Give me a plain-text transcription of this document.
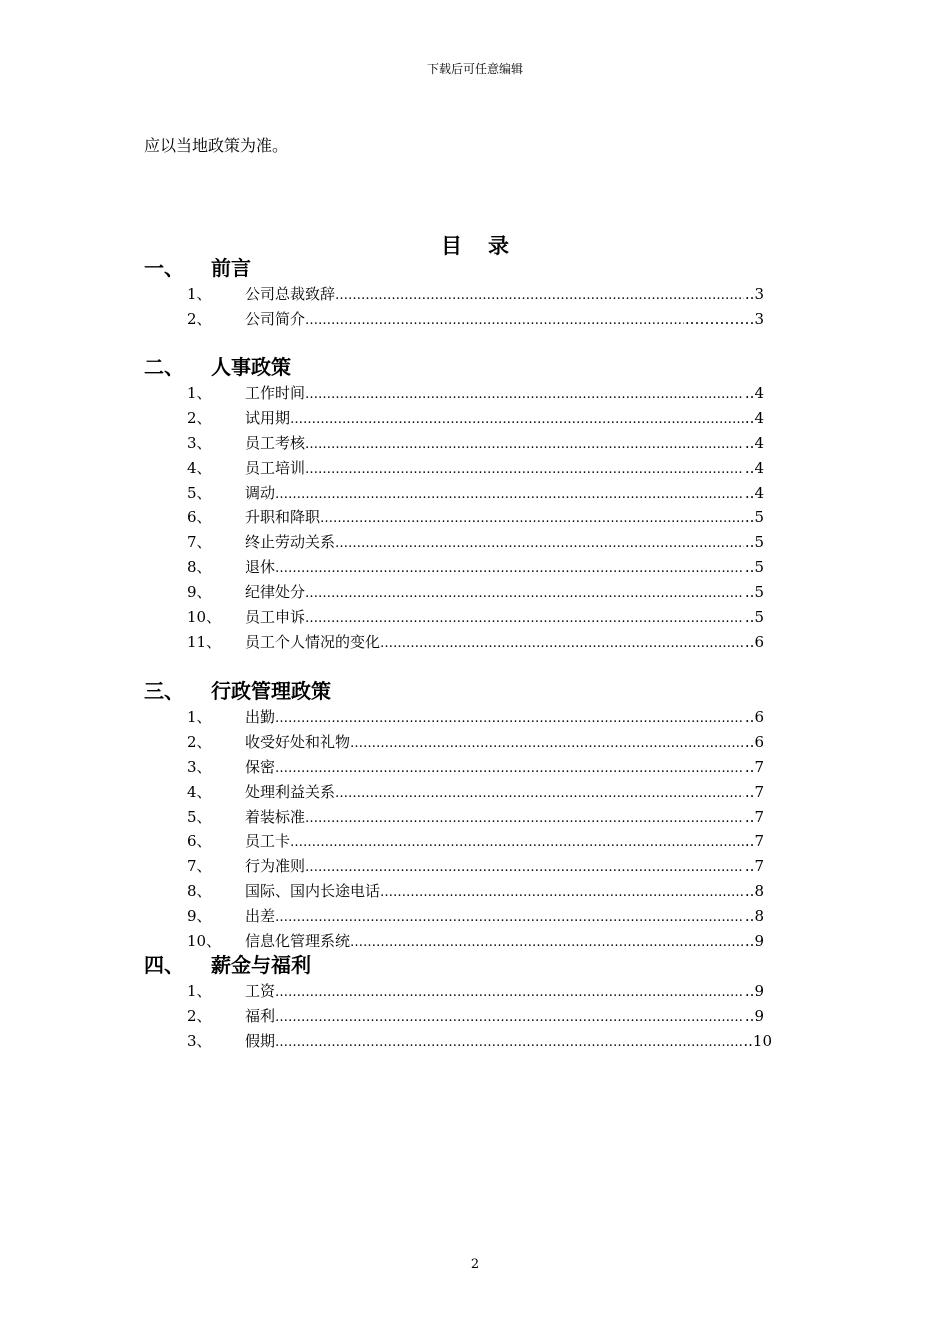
下载后可任意编辑
应以当地政策为准。
目录
一、 前言
1、	公司总裁致辞 ………………………………………………………………………………………………………………………………	..3
2、	公司简介 ………………………………………………………………………………………………………………………………	..…………3
二、 人事政策
1、	工作时间 ………………………………………………………………………………………………………………………………	..4
2、	试用期 ………………………………………………………………………………………………………………………………	..4
3、	员工考核 ………………………………………………………………………………………………………………………………	..4
4、	员工培训 ………………………………………………………………………………………………………………………………	..4
5、	调动 ………………………………………………………………………………………………………………………………	..4
6、	升职和降职 ………………………………………………………………………………………………………………………………	..5
7、	终止劳动关系 ………………………………………………………………………………………………………………………………	..5
8、	退休 ………………………………………………………………………………………………………………………………	..5
9、	纪律处分 ………………………………………………………………………………………………………………………………	..5
10、	员工申诉 ………………………………………………………………………………………………………………………………	..5
11、	员工个人情况的变化 ………………………………………………………………………………………………………………………………	..6
三、 行政管理政策
1、	出勤 ………………………………………………………………………………………………………………………………	..6
2、	收受好处和礼物 ………………………………………………………………………………………………………………………………	..6
3、	保密 ………………………………………………………………………………………………………………………………	..7
4、	处理利益关系 ………………………………………………………………………………………………………………………………	..7
5、	着装标准 ………………………………………………………………………………………………………………………………	..7
6、	员工卡 ………………………………………………………………………………………………………………………………	..7
7、	行为准则 ………………………………………………………………………………………………………………………………	..7
8、	国际、国内长途电话 ………………………………………………………………………………………………………………………………	..8
9、	出差 ………………………………………………………………………………………………………………………………	..8
10、	信息化管理系统 ………………………………………………………………………………………………………………………………	..9
四、 薪金与福利
1、	工资 ………………………………………………………………………………………………………………………………	..9
2、	福利 ………………………………………………………………………………………………………………………………	..9
3、	假期 ………………………………………………………………………………………………………………………………	..10
2
